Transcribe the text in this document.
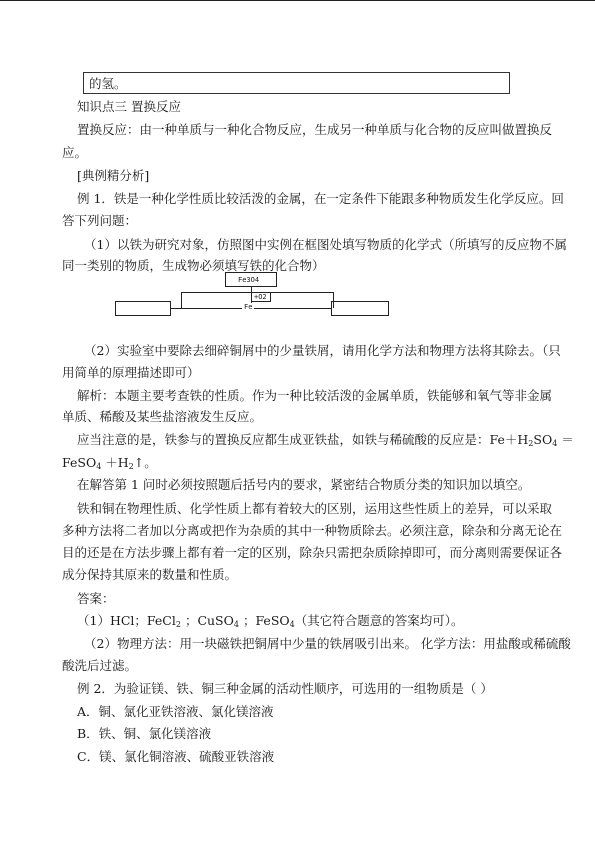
的氢。
知识点三 置换反应
置换反应：由一种单质与一种化合物反应，生成另一种单质与化合物的反应叫做置换反
应。
[典例精分析]
例 1．铁是一种化学性质比较活泼的金属，在一定条件下能跟多种物质发生化学反应。回
答下列问题：
（1）以铁为研究对象，仿照图中实例在框图处填写物质的化学式（所填写的反应物不属
同一类别的物质，生成物必须填写铁的化合物）
Fe3O4
+O2
Fe
（2）实验室中要除去细碎铜屑中的少量铁屑，请用化学方法和物理方法将其除去。（只
用简单的原理描述即可）
解析：本题主要考查铁的性质。作为一种比较活泼的金属单质，铁能够和氧气等非金属
单质、稀酸及某些盐溶液发生反应。
应当注意的是，铁参与的置换反应都生成亚铁盐，如铁与稀硫酸的反应是：$Fe+H_2SO_4$ ＝
FeSO$_4$ $+H_2↑$。
在解答第 1 问时必须按照题后括号内的要求，紧密结合物质分类的知识加以填空。
铁和铜在物理性质、化学性质上都有着较大的区别，运用这些性质上的差异，可以采取
多种方法将二者加以分离或把作为杂质的其中一种物质除去。必须注意，除杂和分离无论在
目的还是在方法步骤上都有着一定的区别，除杂只需把杂质除掉即可，而分离则需要保证各
成分保持其原来的数量和性质。
答案：
（1）HCl；FeCl$_2$ ；CuSO$_4$ ；FeSO$_4$（其它符合题意的答案均可）。
（2）物理方法：用一块磁铁把铜屑中少量的铁屑吸引出来。 化学方法：用盐酸或稀硫酸
酸洗后过滤。
例 2．为验证镁、铁、铜三种金属的活动性顺序，可选用的一组物质是（ ）
A．铜、氯化亚铁溶液、氯化镁溶液
B．铁、铜、氯化镁溶液
C．镁、氯化铜溶液、硫酸亚铁溶液
